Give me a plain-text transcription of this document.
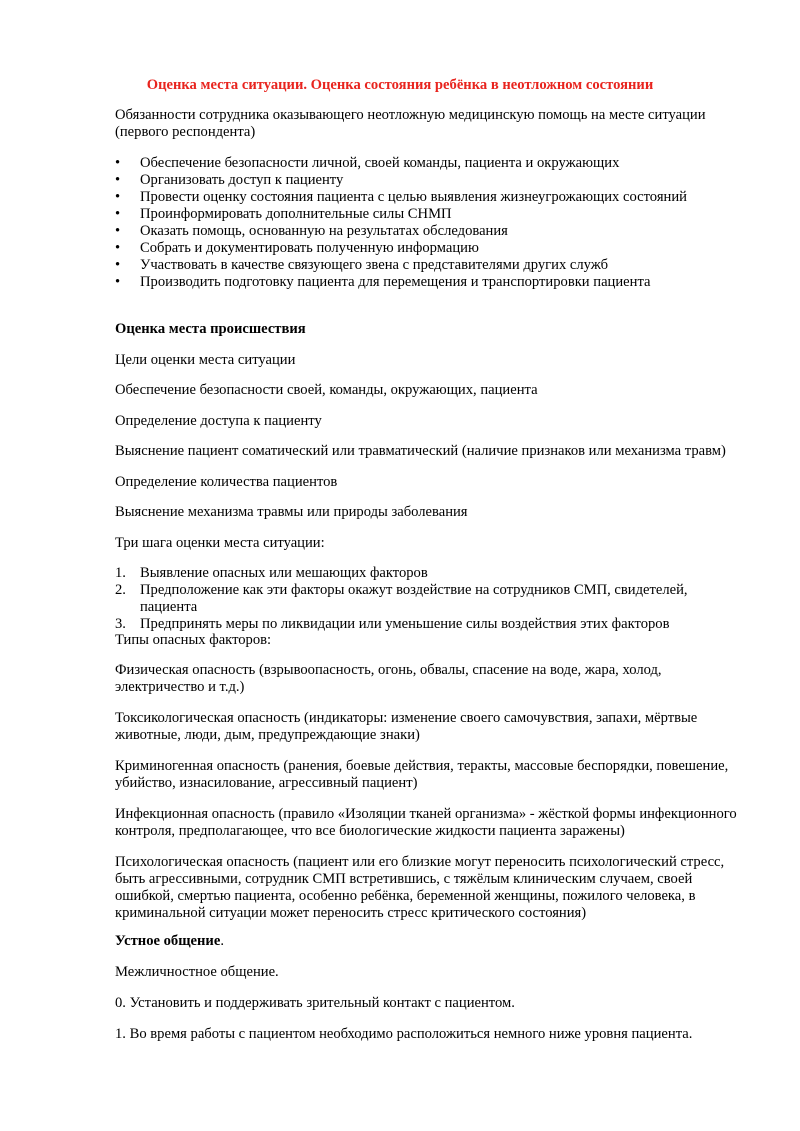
Оценка места ситуации. Оценка состояния ребёнка в неотложном состоянии

Обязанности сотрудника оказывающего неотложную медицинскую помощь на месте ситуации (первого респондента)

• Обеспечение безопасности личной, своей команды, пациента и окружающих
• Организовать доступ к пациенту
• Провести оценку состояния пациента с целью выявления жизнеугрожающих состояний
• Проинформировать дополнительные силы СНМП
• Оказать помощь, основанную на результатах обследования
• Собрать и документировать полученную информацию
• Участвовать в качестве связующего звена с представителями других служб
• Производить подготовку пациента для перемещения и транспортировки пациента

Оценка места происшествия

Цели оценки места ситуации

Обеспечение безопасности своей, команды, окружающих, пациента

Определение доступа к пациенту

Выяснение пациент соматический или травматический (наличие признаков или механизма травм)

Определение количества пациентов

Выяснение механизма травмы или природы заболевания

Три шага оценки места ситуации:

1. Выявление опасных или мешающих факторов
2. Предположение как эти факторы окажут воздействие на сотрудников СМП, свидетелей, пациента
3. Предпринять меры по ликвидации или уменьшение силы воздействия этих факторов

Типы опасных факторов:

Физическая опасность (взрывоопасность, огонь, обвалы, спасение на воде, жара, холод, электричество и т.д.)

Токсикологическая опасность (индикаторы: изменение своего самочувствия, запахи, мёртвые животные, люди, дым, предупреждающие знаки)

Криминогенная опасность (ранения, боевые действия, теракты, массовые беспорядки, повешение, убийство, изнасилование, агрессивный пациент)

Инфекционная опасность (правило «Изоляции тканей организма» - жёсткой формы инфекционного контроля, предполагающее, что все биологические жидкости пациента заражены)

Психологическая опасность (пациент или его близкие могут переносить психологический стресс, быть агрессивными, сотрудник СМП встретившись, с тяжёлым клиническим случаем, своей ошибкой, смертью пациента, особенно ребёнка, беременной женщины, пожилого человека, в криминальной ситуации может переносить стресс критического состояния)

Устное общение.

Межличностное общение.

0. Установить и поддерживать зрительный контакт с пациентом.

1. Во время работы с пациентом необходимо расположиться немного ниже уровня пациента.
